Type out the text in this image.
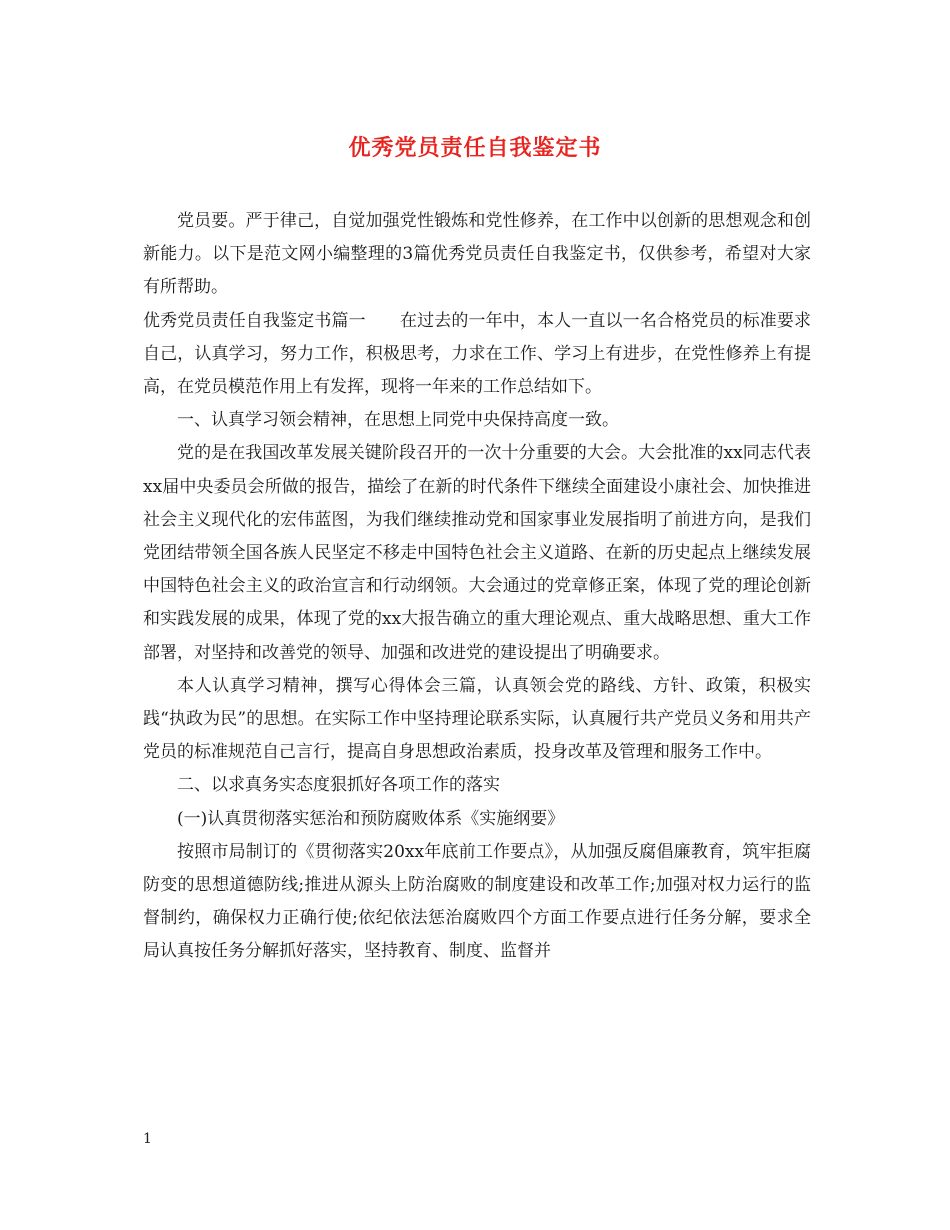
优秀党员责任自我鉴定书

党员要。严于律己，自觉加强党性锻炼和党性修养，在工作中以创新的思想观念和创新能力。以下是范文网小编整理的3篇优秀党员责任自我鉴定书，仅供参考，希望对大家有所帮助。

优秀党员责任自我鉴定书篇一　　在过去的一年中，本人一直以一名合格党员的标准要求自己，认真学习，努力工作，积极思考，力求在工作、学习上有进步，在党性修养上有提高，在党员模范作用上有发挥，现将一年来的工作总结如下。

一、认真学习领会精神，在思想上同党中央保持高度一致。

党的是在我国改革发展关键阶段召开的一次十分重要的大会。大会批准的xx同志代表xx届中央委员会所做的报告，描绘了在新的时代条件下继续全面建设小康社会、加快推进社会主义现代化的宏伟蓝图，为我们继续推动党和国家事业发展指明了前进方向，是我们党团结带领全国各族人民坚定不移走中国特色社会主义道路、在新的历史起点上继续发展中国特色社会主义的政治宣言和行动纲领。大会通过的党章修正案，体现了党的理论创新和实践发展的成果，体现了党的xx大报告确立的重大理论观点、重大战略思想、重大工作部署，对坚持和改善党的领导、加强和改进党的建设提出了明确要求。

本人认真学习精神，撰写心得体会三篇，认真领会党的路线、方针、政策，积极实践“执政为民”的思想。在实际工作中坚持理论联系实际，认真履行共产党员义务和用共产党员的标准规范自己言行，提高自身思想政治素质，投身改革及管理和服务工作中。

二、以求真务实态度狠抓好各项工作的落实

(一)认真贯彻落实惩治和预防腐败体系《实施纲要》

按照市局制订的《贯彻落实20xx年底前工作要点》，从加强反腐倡廉教育，筑牢拒腐防变的思想道德防线;推进从源头上防治腐败的制度建设和改革工作;加强对权力运行的监督制约，确保权力正确行使;依纪依法惩治腐败四个方面工作要点进行任务分解，要求全局认真按任务分解抓好落实，坚持教育、制度、监督并

1
